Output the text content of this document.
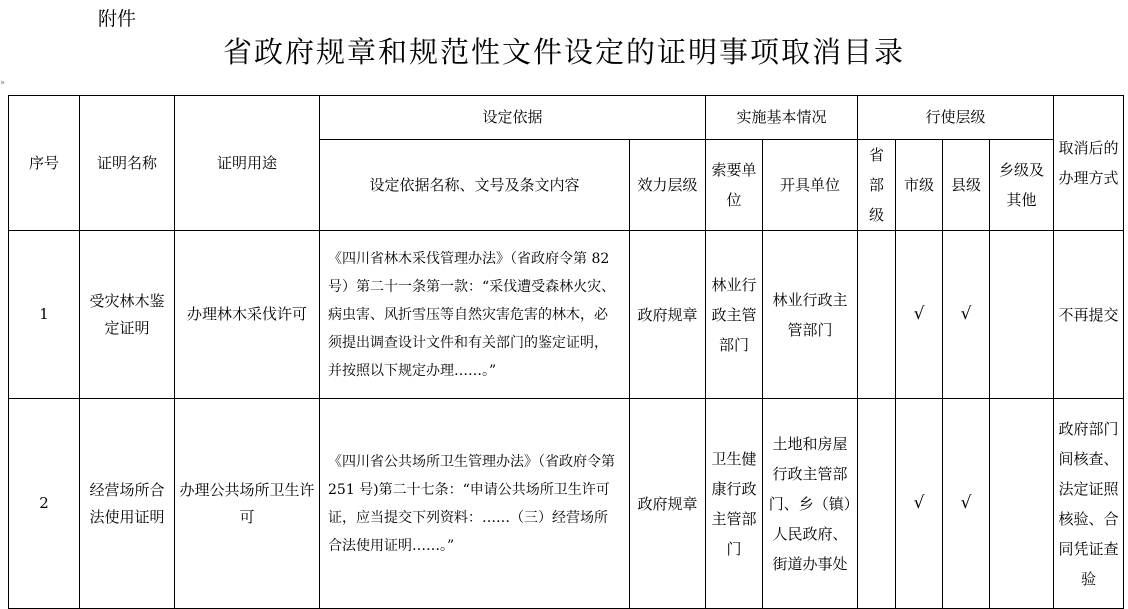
附件
省政府规章和规范性文件设定的证明事项取消目录
»
序号	证明名称	证明用途	设定依据		实施基本情况		行使层级				取消后的办理方式
			设定依据名称、文号及条文内容	效力层级	索要单位	开具单位	省部级	市级	县级	乡级及其他	
1	受灾林木鉴定证明	办理林木采伐许可	《四川省林木采伐管理办法》（省政府令第 82 号）第二十一条第一款：“采伐遭受森林火灾、病虫害、风折雪压等自然灾害危害的林木，必须提出调查设计文件和有关部门的鉴定证明，并按照以下规定办理……。”	政府规章	林业行政主管部门	林业行政主管部门		√	√		不再提交
2	经营场所合法使用证明	办理公共场所卫生许可	《四川省公共场所卫生管理办法》（省政府令第 251 号)第二十七条：“申请公共场所卫生许可证，应当提交下列资料：……（三）经营场所合法使用证明……。”	政府规章	卫生健康行政主管部门	土地和房屋行政主管部门、乡（镇）人民政府、街道办事处		√	√		政府部门间核查、法定证照核验、合同凭证查验
